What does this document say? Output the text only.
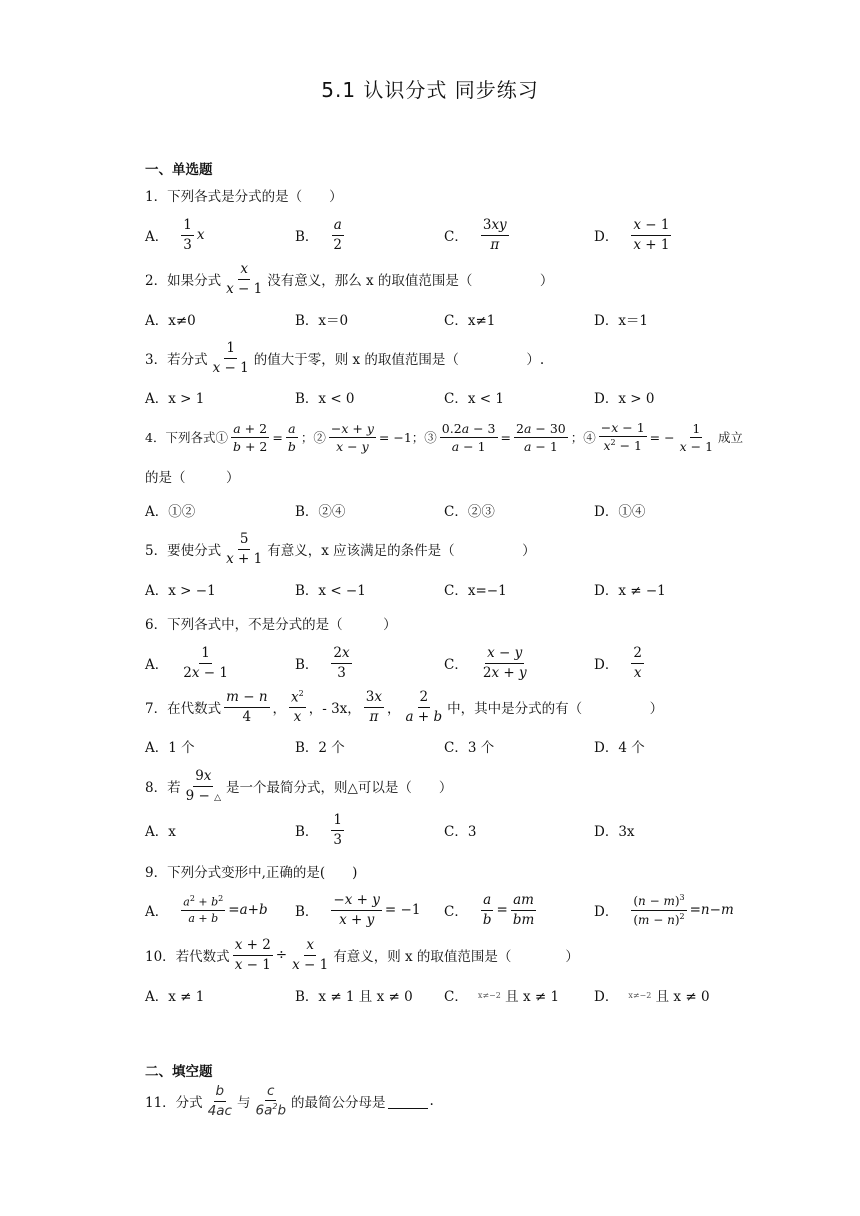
5.1 认识分式 同步练习
一、单选题
1．下列各式是分式的是（　　）
A． $\frac{1}{3}$ x	B． $\frac{a}{2}$	C． $\frac{3xy}{\pi}$	D． $\frac{x - 1}{x + 1}$
2．如果分式 $\frac{x}{x - 1}$ 没有意义，那么 x 的取值范围是（　　　　　）
A．x≠0	B．x＝0	C．x≠1	D．x＝1
3．若分式 $\frac{1}{x - 1}$ 的值大于零，则 x 的取值范围是（　　　　　）.
A．x > 1	B．x < 0	C．x < 1	D．x > 0
4．下列各式① $\frac{a + 2}{b + 2} = \frac{a}{b}$ ；② $\frac{-x + y}{x - y} = -1$ ；③ $\frac{0.2a - 3}{a - 1} = \frac{2a - 30}{a - 1}$ ；④ $\frac{-x - 1}{x^2 - 1}$ = − $\frac{1}{x - 1}$ 成立
的是（　　　）
A．①②	B．②④	C．②③	D．①④
5．要使分式 $\frac{5}{x + 1}$ 有意义，x 应该满足的条件是（　　　　　）
A．x > −1	B．x < −1	C．x=−1	D．x ≠ −1
6．下列各式中，不是分式的是（　　　）
A． $\frac{1}{2x - 1}$	B． $\frac{2x}{3}$	C． $\frac{x - y}{2x + y}$	D． $\frac{2}{x}$
7．在代数式 $\frac{m - n}{4}$ ， $\frac{x^2}{x}$ ，- 3x， $\frac{3x}{\pi}$ ， $\frac{2}{a + b}$ 中，其中是分式的有（　　　　　）
A．1 个	B．2 个	C．3 个	D．4 个
8．若 $\frac{9x}{9 - \triangle}$ 是一个最简分式，则△可以是（　　）
A．x	B． $\frac{1}{3}$	C．3	D．3x
9．下列分式变形中,正确的是(　　)
A． $\frac{a^2 + b^2}{a + b} = a + b$ B． $\frac{-x + y}{x + y} = -1$ C． $\frac{a}{b} = \frac{am}{bm}$	D． $\frac{(n - m)^3}{(m - n)^2} = n - m$
10．若代数式 $\frac{x + 2}{x - 1} \div \frac{x}{x - 1}$ 有意义，则 x 的取值范围是（　　　　）
A．x ≠ 1	B．x ≠ 1 且 x ≠ 0 C． x≠−2
且 x ≠ 1	D． x≠−2
且 x ≠ 0
二、填空题
11．分式 $\frac{b}{4ac}$ 与 $\frac{c}{6a^2b}$ 的最简公分母是	.
